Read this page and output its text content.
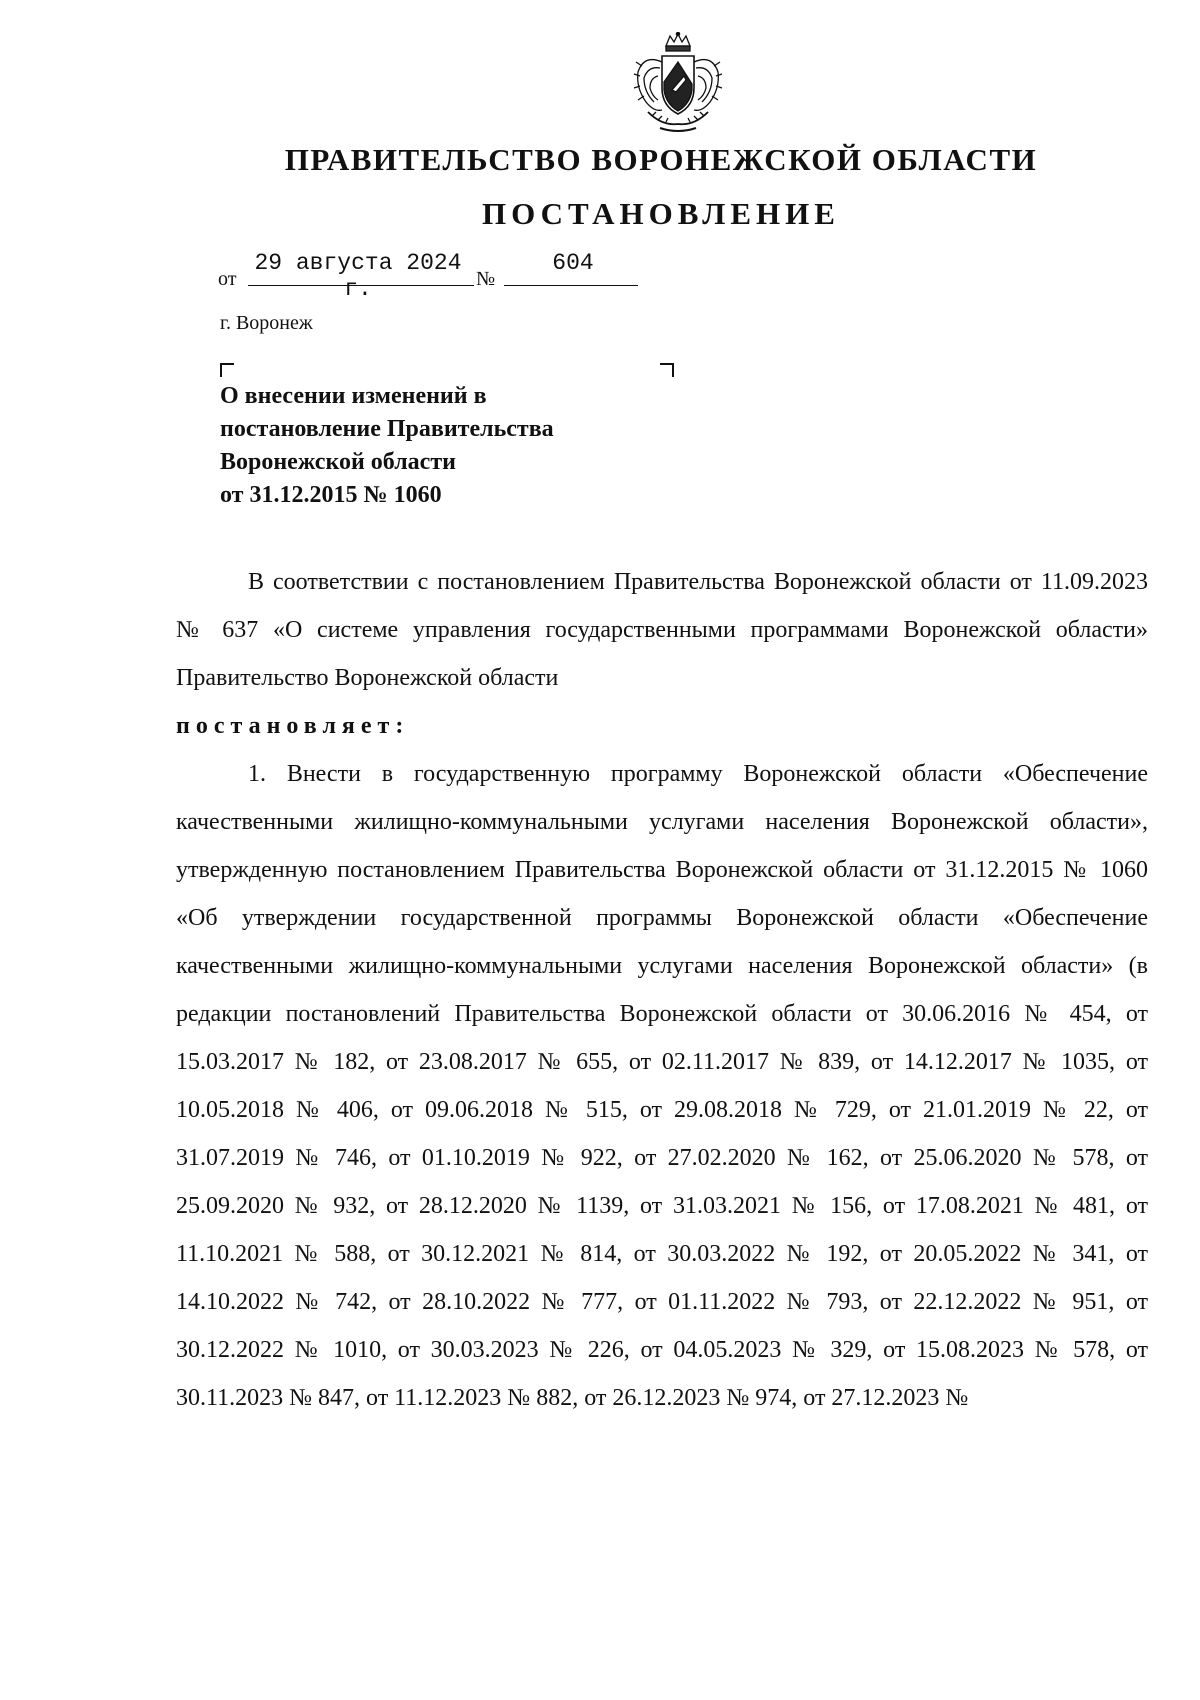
ПРАВИТЕЛЬСТВО ВОРОНЕЖСКОЙ ОБЛАСТИ
ПОСТАНОВЛЕНИЕ
от
29 августа 2024 г.	№
604
г. Воронеж
О внесении изменений в
постановление Правительства
Воронежской области
от 31.12.2015 № 1060
В соответствии с постановлением Правительства Воронежской области от 11.09.2023 № 637 «О системе управления государственными программами Воронежской области» Правительство Воронежской области
постановляет:
1. Внести в государственную программу Воронежской области «Обеспечение качественными жилищно-коммунальными услугами населения Воронежской области», утвержденную постановлением Правительства Воронежской области от 31.12.2015 № 1060 «Об утверждении государственной программы Воронежской области «Обеспечение качественными жилищно-коммунальными услугами населения Воронежской области» (в редакции постановлений Правительства Воронежской области от 30.06.2016 № 454, от 15.03.2017 № 182, от 23.08.2017 № 655, от 02.11.2017 № 839, от 14.12.2017 № 1035, от 10.05.2018 № 406, от 09.06.2018 № 515, от 29.08.2018 № 729, от 21.01.2019 № 22, от 31.07.2019 № 746, от 01.10.2019 № 922, от 27.02.2020 № 162, от 25.06.2020 № 578, от 25.09.2020 № 932, от 28.12.2020 № 1139, от 31.03.2021 № 156, от 17.08.2021 № 481, от 11.10.2021 № 588, от 30.12.2021 № 814, от 30.03.2022 № 192, от 20.05.2022 № 341, от 14.10.2022 № 742, от 28.10.2022 № 777, от 01.11.2022 № 793, от 22.12.2022 № 951, от 30.12.2022 № 1010, от 30.03.2023 № 226, от 04.05.2023 № 329, от 15.08.2023 № 578, от 30.11.2023 № 847, от 11.12.2023 № 882, от 26.12.2023 № 974, от 27.12.2023 №
